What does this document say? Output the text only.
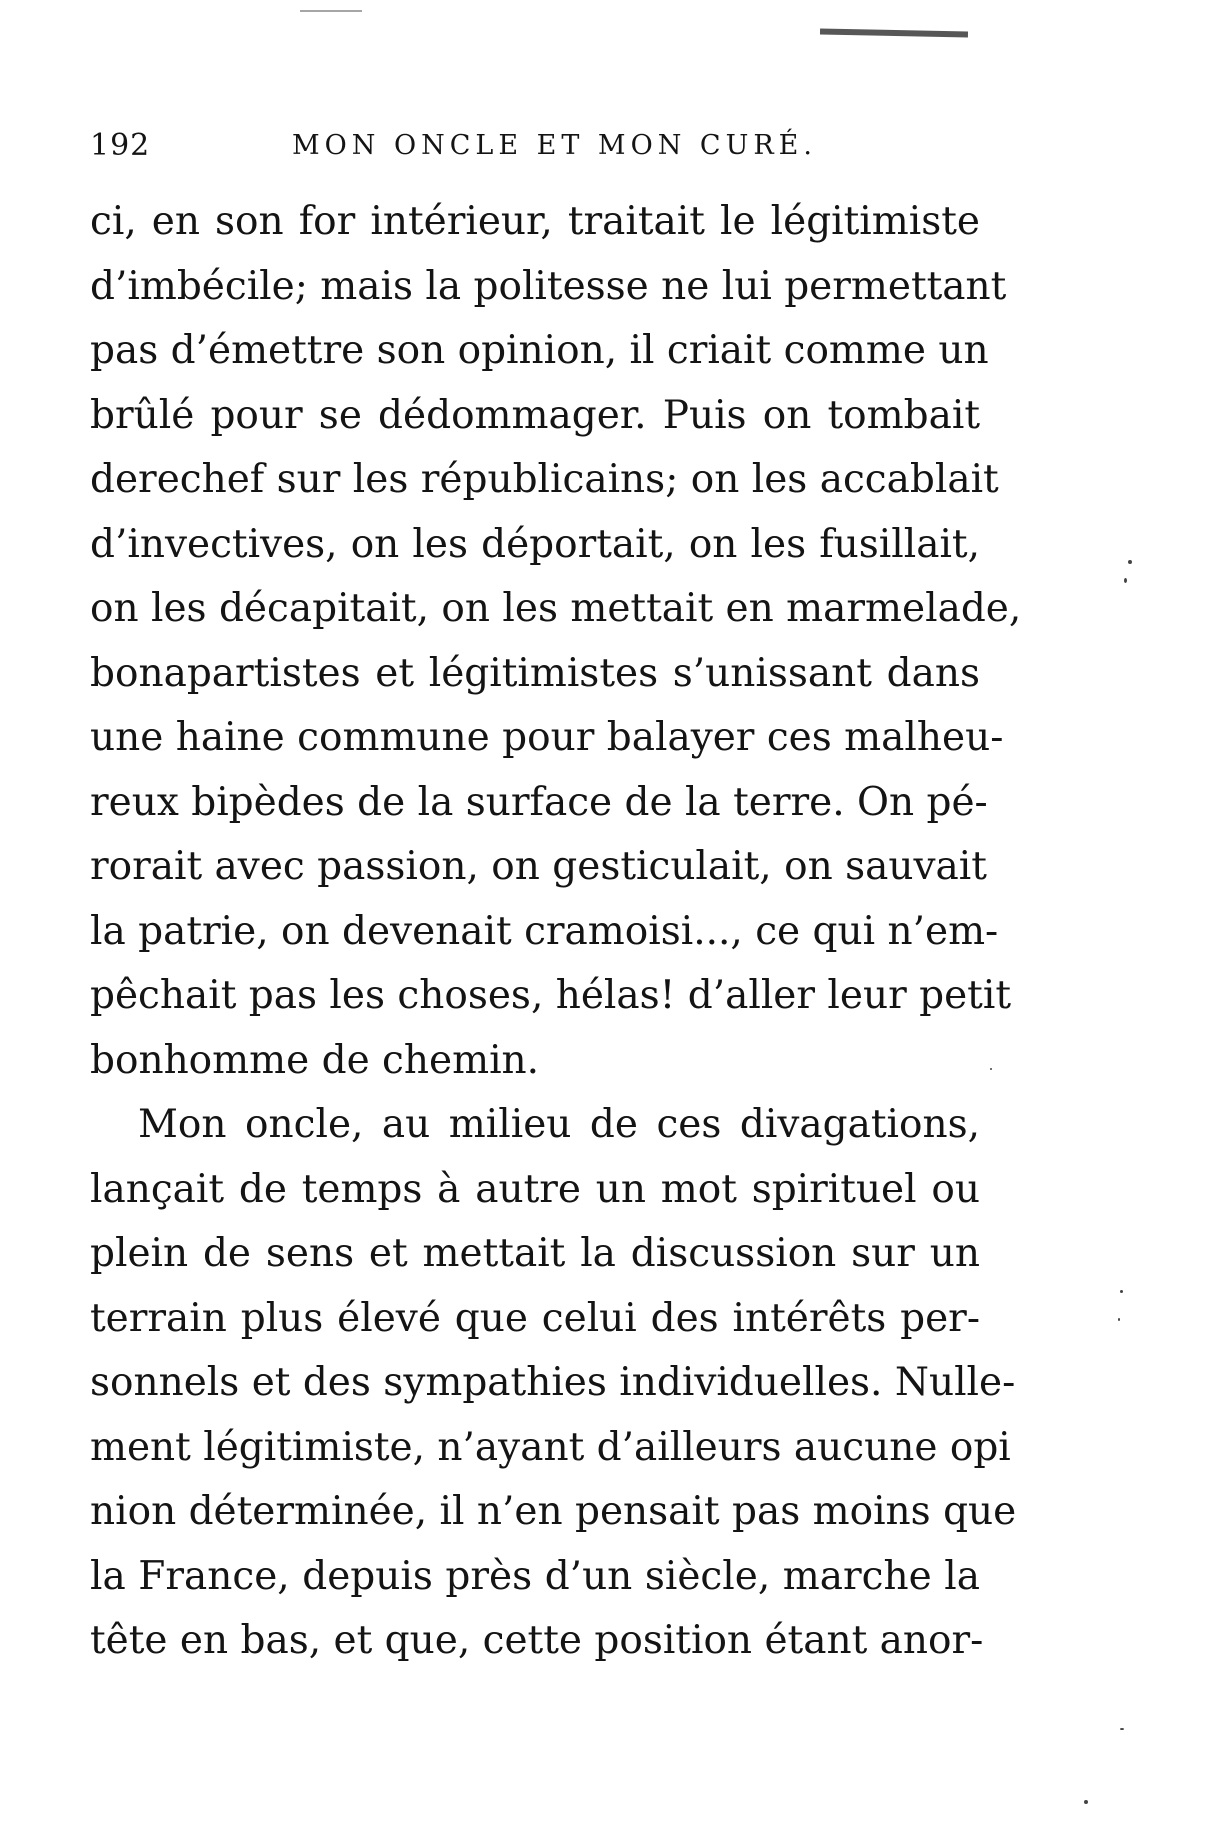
192	MON ONCLE ET MON CURÉ.
ci, en son for intérieur, traitait le légitimiste
d’imbécile; mais la politesse ne lui permettant
pas d’émettre son opinion, il criait comme un
brûlé pour se dédommager. Puis on tombait
derechef sur les républicains; on les accablait
d’invectives, on les déportait, on les fusillait,
on les décapitait, on les mettait en marmelade,
bonapartistes et légitimistes s’unissant dans
une haine commune pour balayer ces malheu-
reux bipèdes de la surface de la terre. On pé-
rorait avec passion, on gesticulait, on sauvait
la patrie, on devenait cramoisi..., ce qui n’em-
pêchait pas les choses, hélas! d’aller leur petit
bonhomme de chemin.
Mon oncle, au milieu de ces divagations,
lançait de temps à autre un mot spirituel ou
plein de sens et mettait la discussion sur un
terrain plus élevé que celui des intérêts per-
sonnels et des sympathies individuelles. Nulle-
ment légitimiste, n’ayant d’ailleurs aucune opi
nion déterminée, il n’en pensait pas moins que
la France, depuis près d’un siècle, marche la
tête en bas, et que, cette position étant anor-
